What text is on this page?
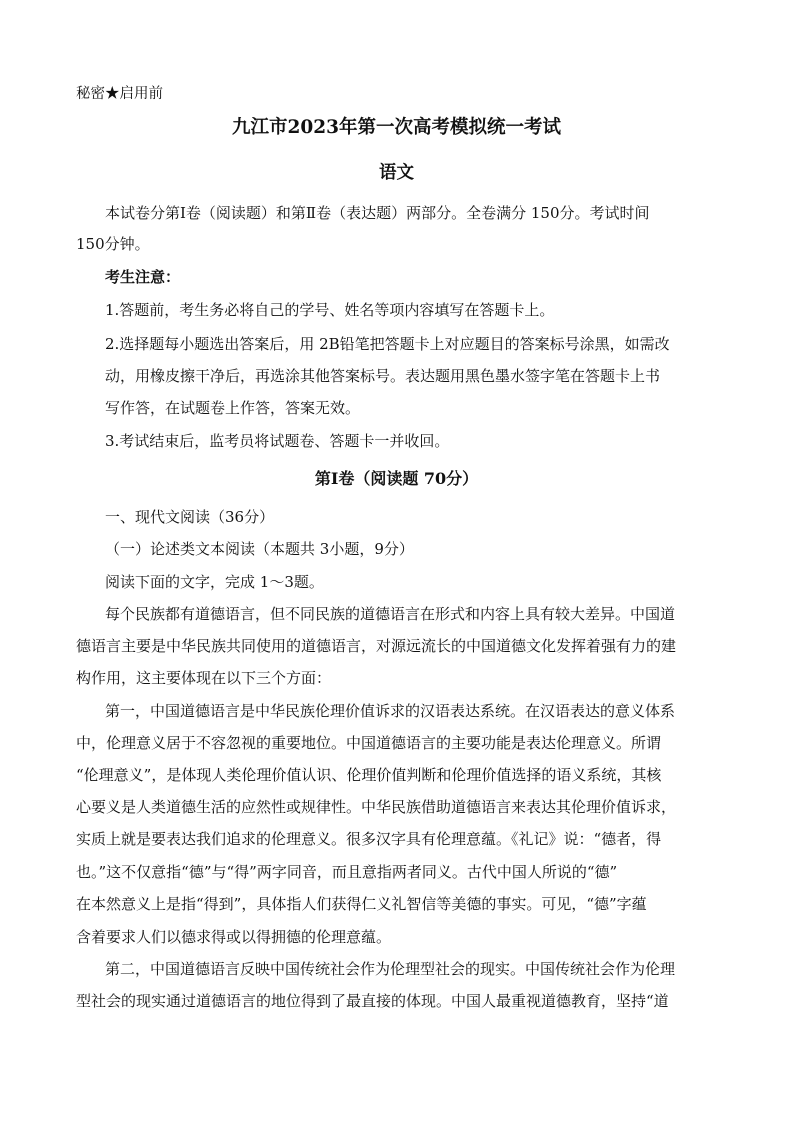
秘密★启用前
九江市2023年第一次高考模拟统一考试
语文
本试卷分第Ⅰ卷（阅读题）和第Ⅱ卷（表达题）两部分。全卷满分 150分。考试时间
150分钟。
考生注意：
1.答题前，考生务必将自己的学号、姓名等项内容填写在答题卡上。
2.选择题每小题选出答案后，用 2B铅笔把答题卡上对应题目的答案标号涂黑，如需改
动，用橡皮擦干净后，再选涂其他答案标号。表达题用黑色墨水签字笔在答题卡上书
写作答，在试题卷上作答，答案无效。
3.考试结束后，监考员将试题卷、答题卡一并收回。
第Ⅰ卷（阅读题 70分）
一、现代文阅读（36分）
（一）论述类文本阅读（本题共 3小题，9分）
阅读下面的文字，完成 1～3题。
每个民族都有道德语言，但不同民族的道德语言在形式和内容上具有较大差异。中国道
德语言主要是中华民族共同使用的道德语言，对源远流长的中国道德文化发挥着强有力的建
构作用，这主要体现在以下三个方面：
第一，中国道德语言是中华民族伦理价值诉求的汉语表达系统。在汉语表达的意义体系
中，伦理意义居于不容忽视的重要地位。中国道德语言的主要功能是表达伦理意义。所谓
“伦理意义”，是体现人类伦理价值认识、伦理价值判断和伦理价值选择的语义系统，其核
心要义是人类道德生活的应然性或规律性。中华民族借助道德语言来表达其伦理价值诉求，
实质上就是要表达我们追求的伦理意义。很多汉字具有伦理意蕴。《礼记》说：“德者，得
也。”这不仅意指“德”与“得”两字同音，而且意指两者同义。古代中国人所说的“德”
在本然意义上是指“得到”，具体指人们获得仁义礼智信等美德的事实。可见，“德”字蕴
含着要求人们以德求得或以得拥德的伦理意蕴。
第二，中国道德语言反映中国传统社会作为伦理型社会的现实。中国传统社会作为伦理
型社会的现实通过道德语言的地位得到了最直接的体现。中国人最重视道德教育，坚持“道
